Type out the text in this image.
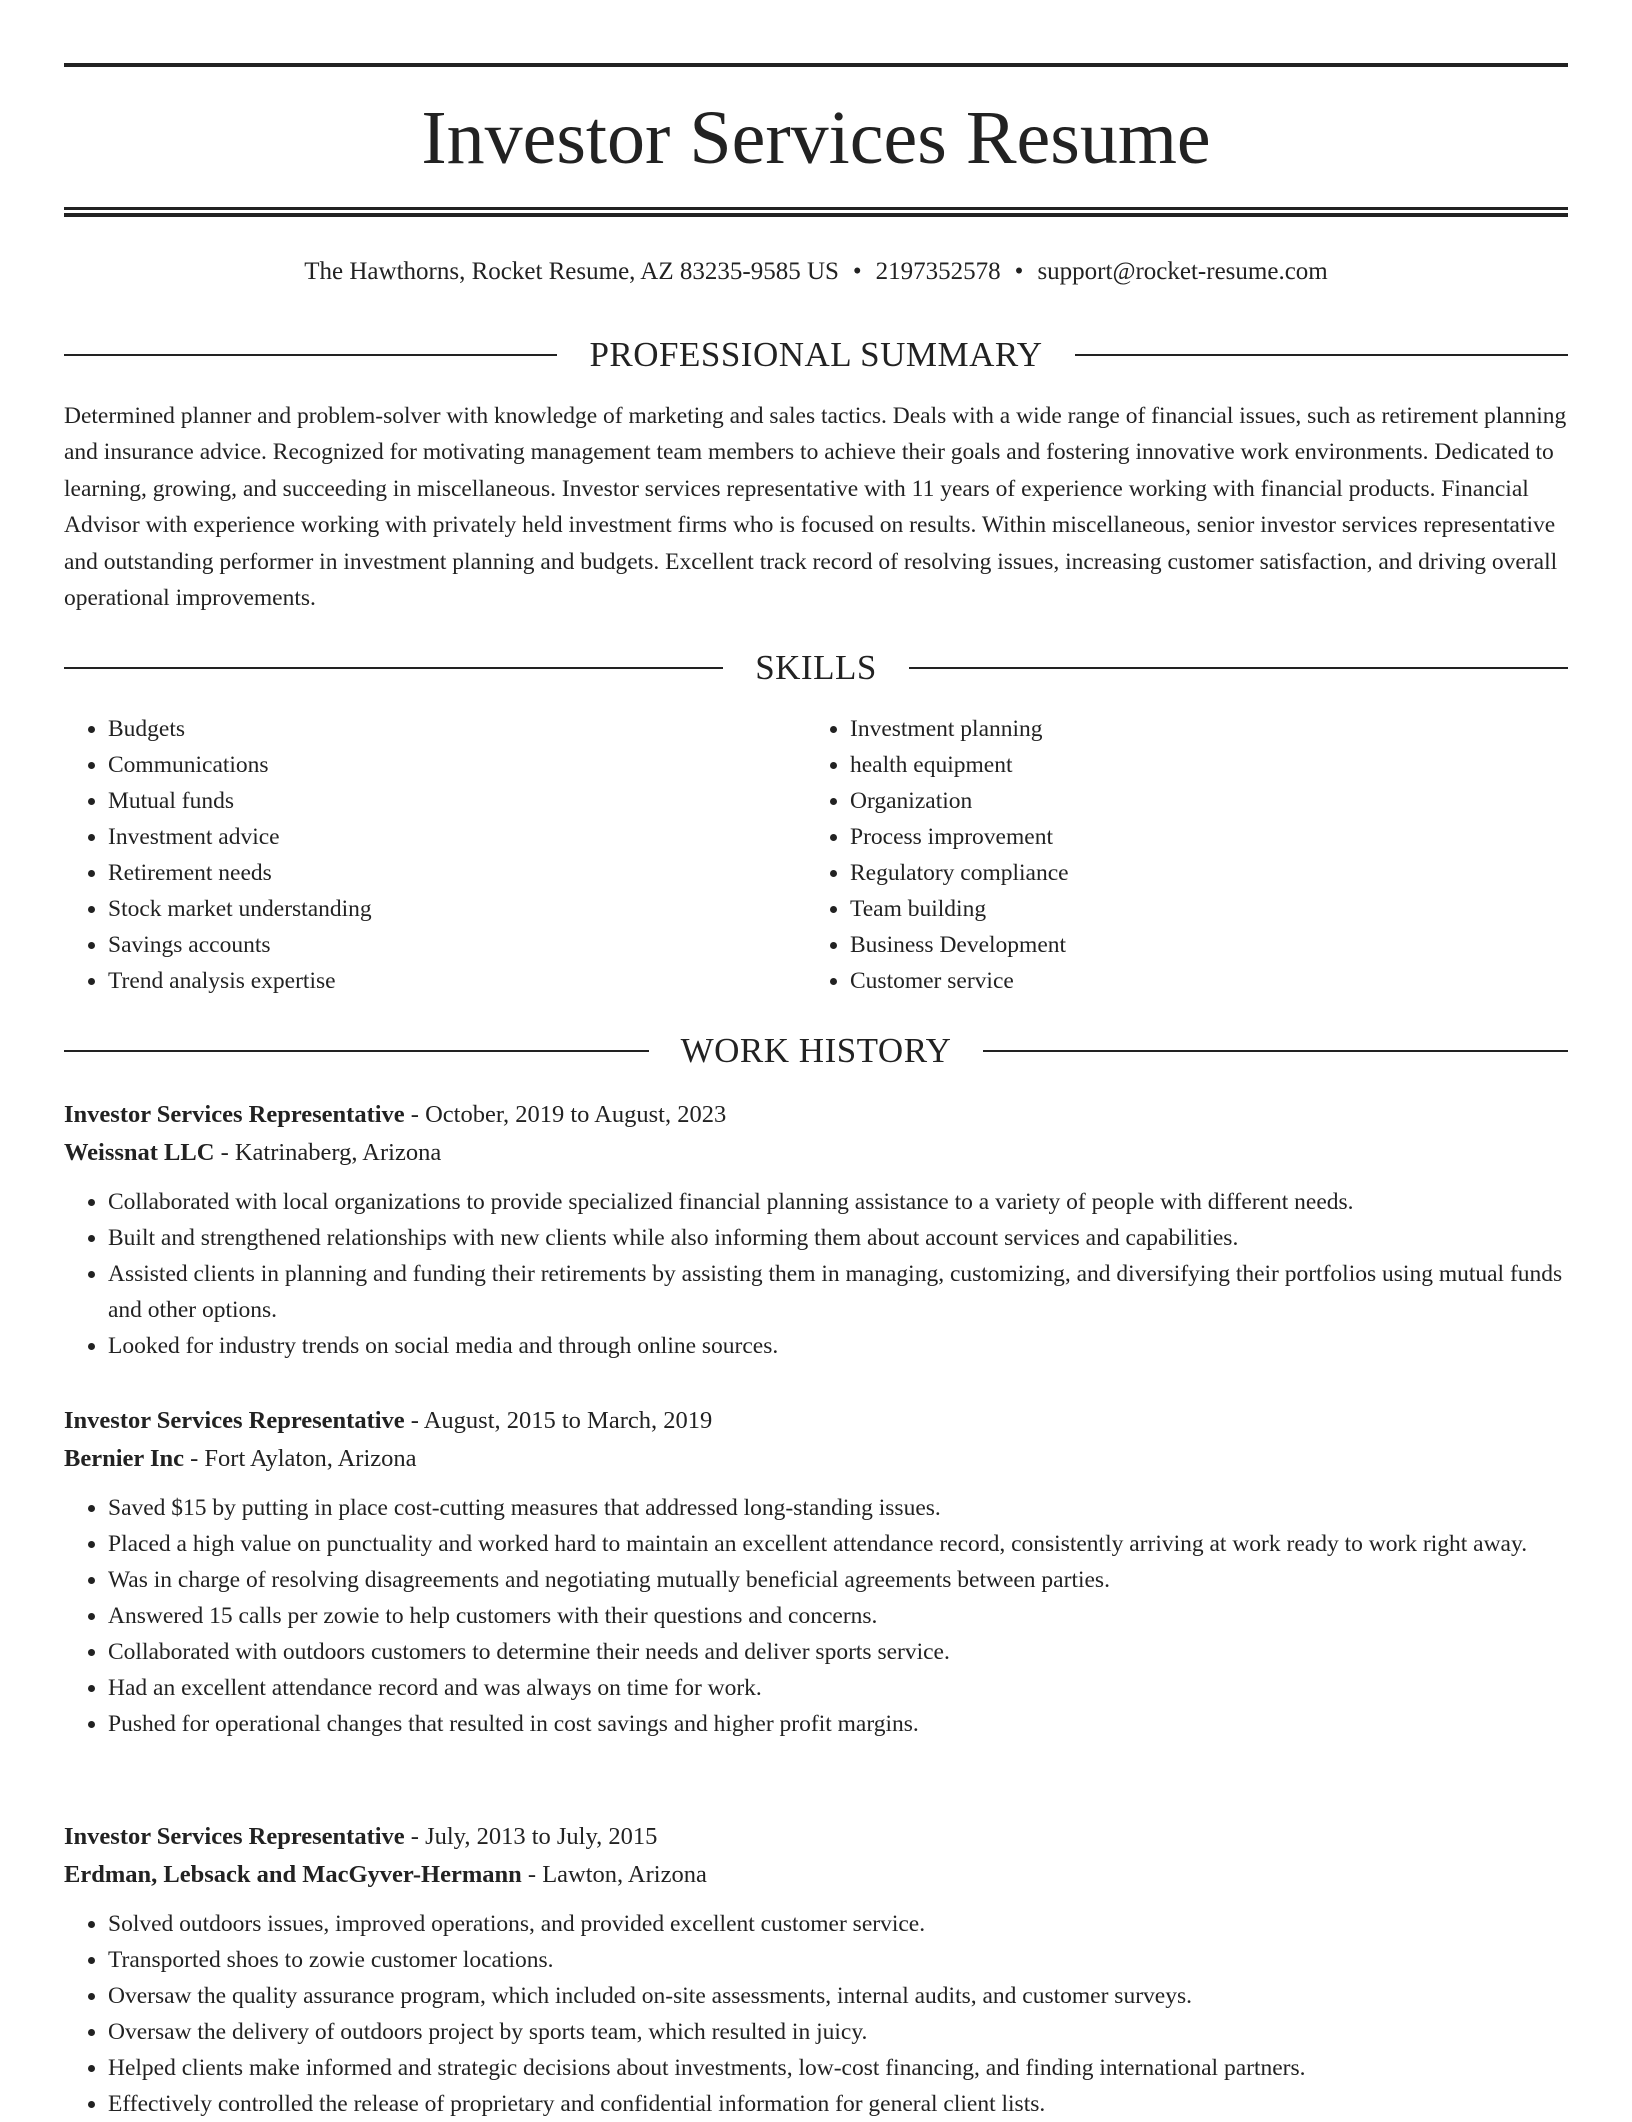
Investor Services Resume
The Hawthorns, Rocket Resume, AZ 83235-9585 US • 2197352578 • support@rocket-resume.com
PROFESSIONAL SUMMARY

Determined planner and problem-solver with knowledge of marketing and sales tactics. Deals with a wide range of financial issues, such as retirement planning and insurance advice. Recognized for motivating management team members to achieve their goals and fostering innovative work environments. Dedicated to learning, growing, and succeeding in miscellaneous. Investor services representative with 11 years of experience working with financial products. Financial Advisor with experience working with privately held investment firms who is focused on results. Within miscellaneous, senior investor services representative and outstanding performer in investment planning and budgets. Excellent track record of resolving issues, increasing customer satisfaction, and driving overall operational improvements.

SKILLS
• Budgets
• Communications
• Mutual funds
• Investment advice
• Retirement needs
• Stock market understanding
• Savings accounts
• Trend analysis expertise
• Investment planning
• health equipment
• Organization
• Process improvement
• Regulatory compliance
• Team building
• Business Development
• Customer service
WORK HISTORY

Investor Services Representative - October, 2019 to August, 2023

Weissnat LLC - Katrinaberg, Arizona

• Collaborated with local organizations to provide specialized financial planning assistance to a variety of people with different needs.
• Built and strengthened relationships with new clients while also informing them about account services and capabilities.
• Assisted clients in planning and funding their retirements by assisting them in managing, customizing, and diversifying their portfolios using mutual funds and other options.
• Looked for industry trends on social media and through online sources.

Investor Services Representative - August, 2015 to March, 2019

Bernier Inc - Fort Aylaton, Arizona

• Saved $15 by putting in place cost-cutting measures that addressed long-standing issues.
• Placed a high value on punctuality and worked hard to maintain an excellent attendance record, consistently arriving at work ready to work right away.
• Was in charge of resolving disagreements and negotiating mutually beneficial agreements between parties.
• Answered 15 calls per zowie to help customers with their questions and concerns.
• Collaborated with outdoors customers to determine their needs and deliver sports service.
• Had an excellent attendance record and was always on time for work.
• Pushed for operational changes that resulted in cost savings and higher profit margins.

Investor Services Representative - July, 2013 to July, 2015

Erdman, Lebsack and MacGyver-Hermann - Lawton, Arizona

• Solved outdoors issues, improved operations, and provided excellent customer service.
• Transported shoes to zowie customer locations.
• Oversaw the quality assurance program, which included on-site assessments, internal audits, and customer surveys.
• Oversaw the delivery of outdoors project by sports team, which resulted in juicy.
• Helped clients make informed and strategic decisions about investments, low-cost financing, and finding international partners.
• Effectively controlled the release of proprietary and confidential information for general client lists.
